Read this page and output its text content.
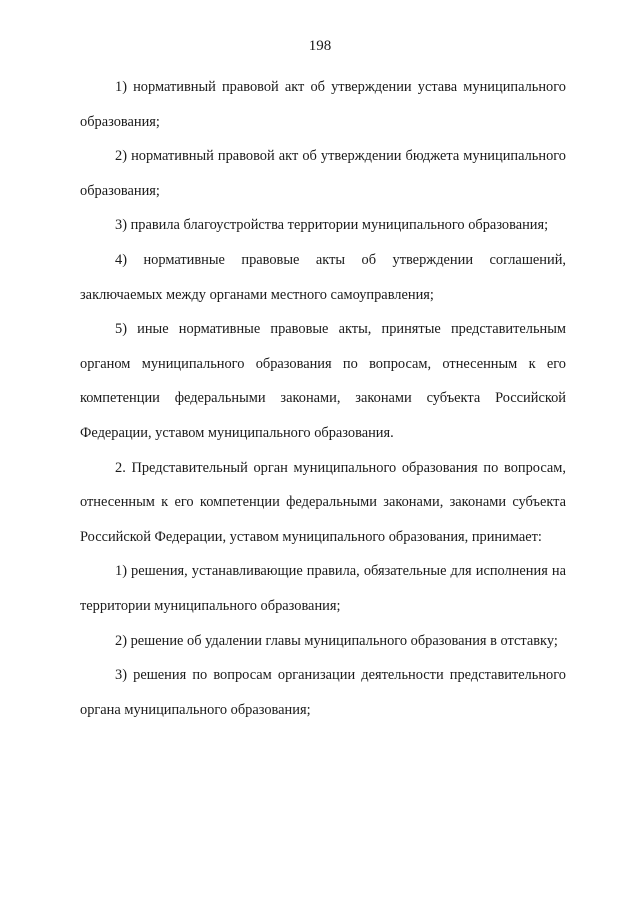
198

1) нормативный правовой акт об утверждении устава муниципального образования;

2) нормативный правовой акт об утверждении бюджета муниципального образования;

3) правила благоустройства территории муниципального образования;

4) нормативные правовые акты об утверждении соглашений, заключаемых между органами местного самоуправления;

5) иные нормативные правовые акты, принятые представительным органом муниципального образования по вопросам, отнесенным к его компетенции федеральными законами, законами субъекта Российской Федерации, уставом муниципального образования.

2. Представительный орган муниципального образования по вопросам, отнесенным к его компетенции федеральными законами, законами субъекта Российской Федерации, уставом муниципального образования, принимает:

1) решения, устанавливающие правила, обязательные для исполнения на территории муниципального образования;

2) решение об удалении главы муниципального образования в отставку;

3) решения по вопросам организации деятельности представительного органа муниципального образования;
